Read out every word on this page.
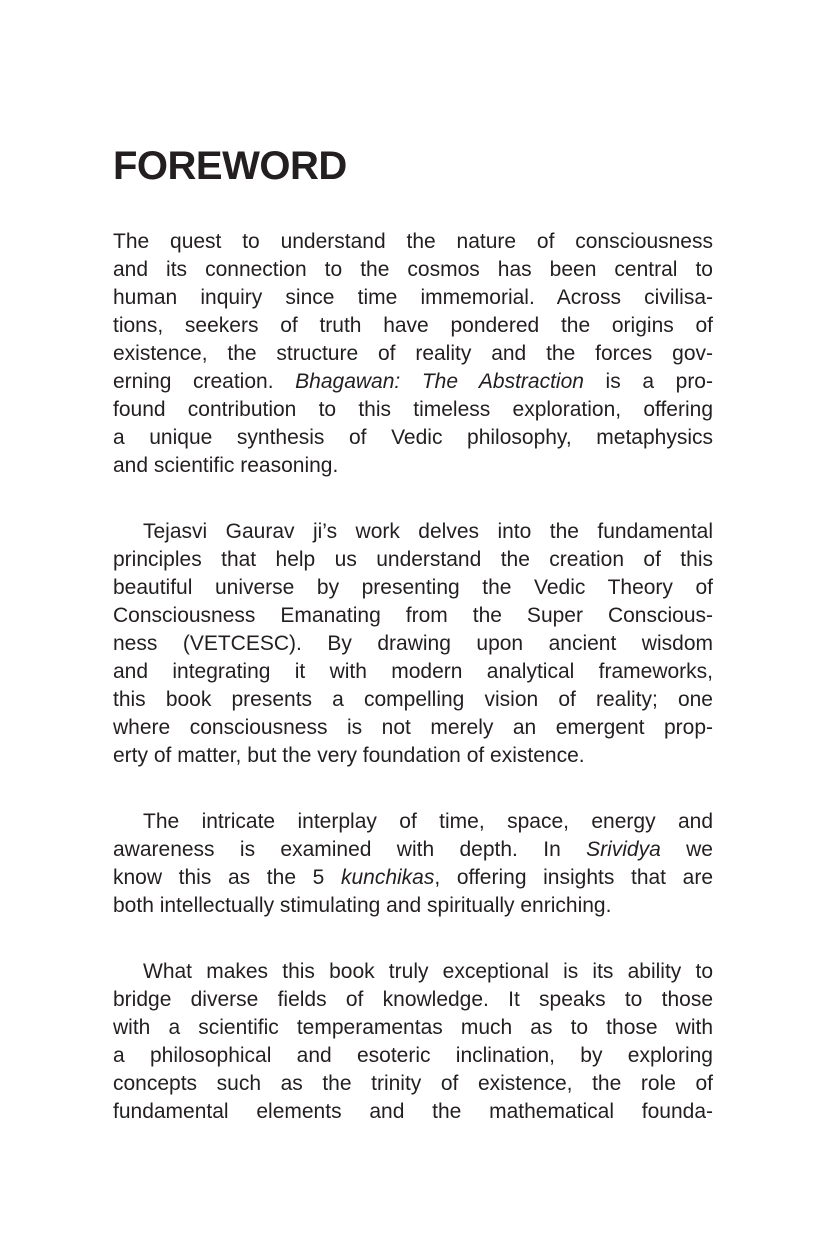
FOREWORD
The quest to understand the nature of consciousness
and its connection to the cosmos has been central to
human inquiry since time immemorial. Across civilisa-
tions, seekers of truth have pondered the origins of
existence, the structure of reality and the forces gov-
erning creation. Bhagawan: The Abstraction is a pro-
found contribution to this timeless exploration, offering
a unique synthesis of Vedic philosophy, metaphysics
and scientific reasoning.
Tejasvi Gaurav ji’s work delves into the fundamental
principles that help us understand the creation of this
beautiful universe by presenting the Vedic Theory of
Consciousness Emanating from the Super Conscious-
ness (VETCESC). By drawing upon ancient wisdom
and integrating it with modern analytical frameworks,
this book presents a compelling vision of reality; one
where consciousness is not merely an emergent prop-
erty of matter, but the very foundation of existence.
The intricate interplay of time, space, energy and
awareness is examined with depth. In Srividya we
know this as the 5 kunchikas, offering insights that are
both intellectually stimulating and spiritually enriching.
What makes this book truly exceptional is its ability to
bridge diverse fields of knowledge. It speaks to those
with a scientific temperamentas much as to those with
a philosophical and esoteric inclination, by exploring
concepts such as the trinity of existence, the role of
fundamental elements and the mathematical founda-
